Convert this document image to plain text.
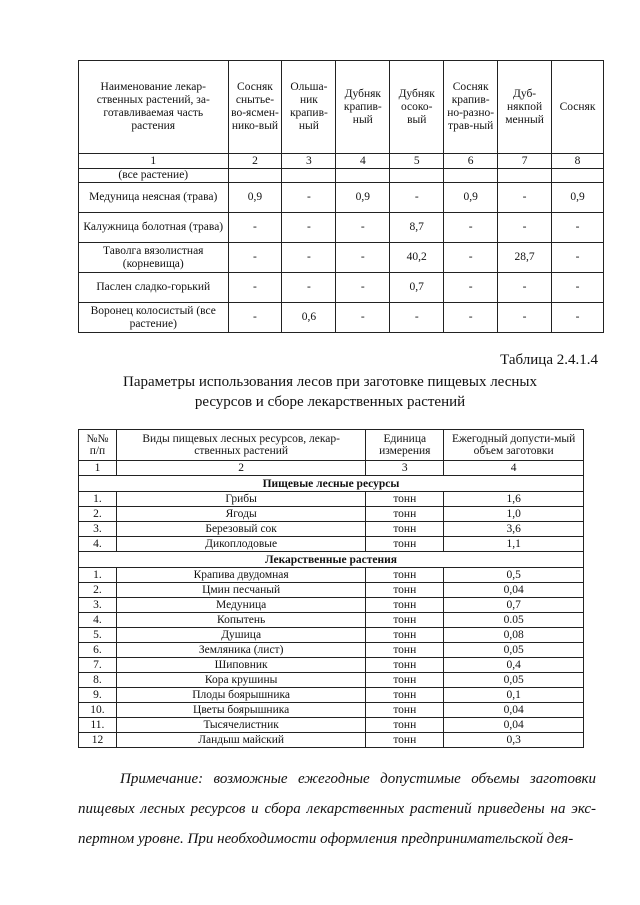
Наименование лекар-ственных растений, за-готавливаемая часть растения	Сосняк снытье-во-ясмен-нико-вый	Ольша-ник крапив-ный	Дубняк крапив-ный	Дубняк осоко-вый	Сосняк крапив-но-разно-трав-ный	Дуб-някпой менный	Сосняк
1	2	3	4	5	6	7	8
(все растение)							
Медуница неясная (трава)	0,9	-	0,9	-	0,9	-	0,9
Калужница болотная (трава)	-	-	-	8,7	-	-	-
Таволга вязолистная (корневища)	-	-	-	40,2	-	28,7	-
Паслен сладко-горький	-	-	-	0,7	-	-	-
Воронец колосистый (все растение)	-	0,6	-	-	-	-	-
Таблица 2.4.1.4
Параметры использования лесов при заготовке пищевых лесных ресурсов и сборе лекарственных растений
№№ п/п	Виды пищевых лесных ресурсов, лекар-ственных растений	Единица измерения	Ежегодный допусти-мый объем заготовки
1	2	3	4
Пищевые лесные ресурсы			
1.	Грибы	тонн	1,6
2.	Ягоды	тонн	1,0
3.	Березовый сок	тонн	3,6
4.	Дикоплодовые	тонн	1,1
Лекарственные растения			
1.	Крапива двудомная	тонн	0,5
2.	Цмин песчаный	тонн	0,04
3.	Медуница	тонн	0,7
4.	Копытень	тонн	0.05
5.	Душица	тонн	0,08
6.	Земляника (лист)	тонн	0,05
7.	Шиповник	тонн	0,4
8.	Кора крушины	тонн	0,05
9.	Плоды боярышника	тонн	0,1
10.	Цветы боярышника	тонн	0,04
11.	Тысячелистник	тонн	0,04
12	Ландыш майский	тонн	0,3
Примечание: возможные ежегодные допустимые объемы заготовки пищевых лесных ресурсов и сбора лекарственных растений приведены на экс-пертном уровне. При необходимости оформления предпринимательской дея-
